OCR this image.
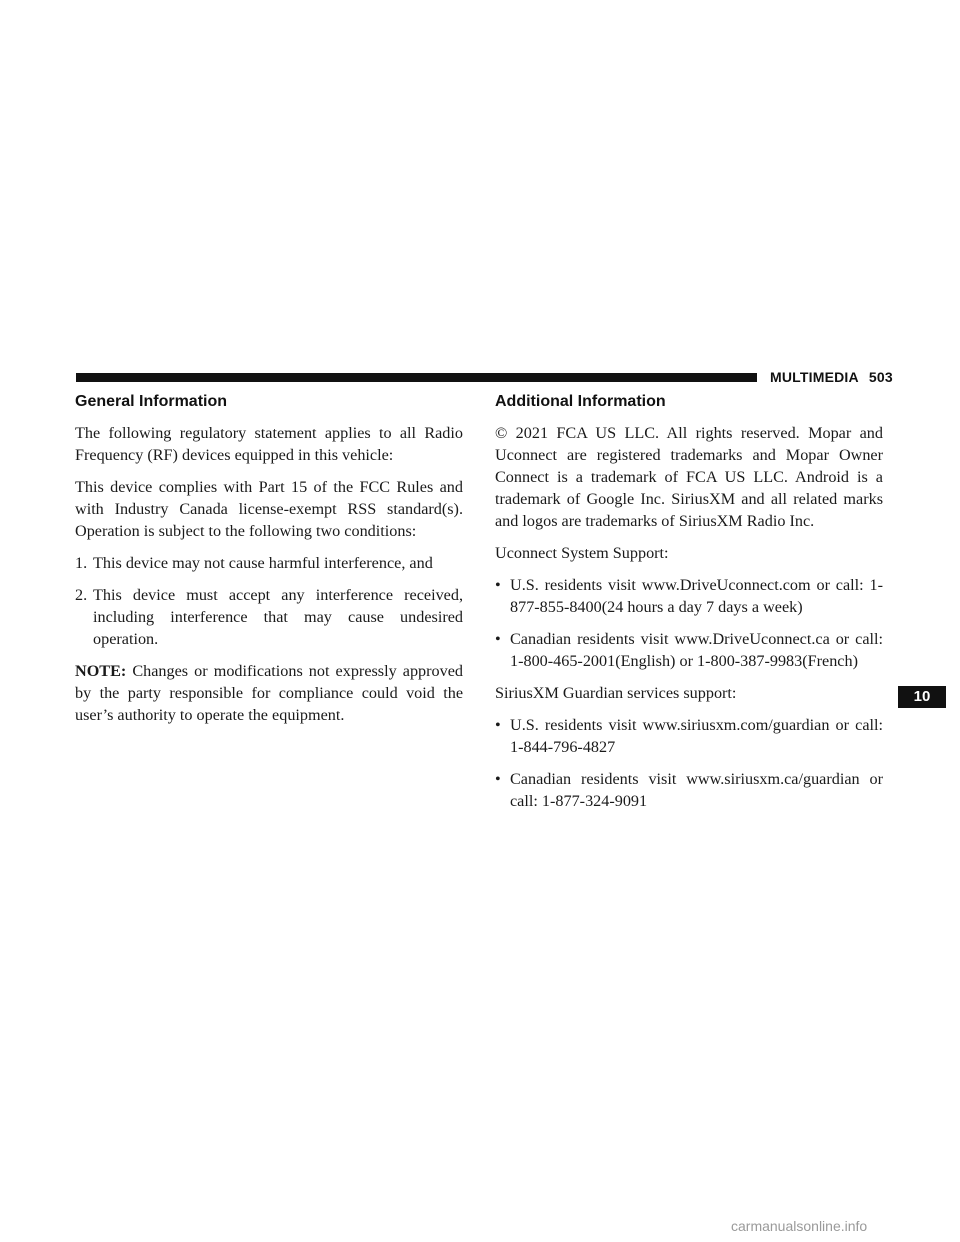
MULTIMEDIA 503
General Information

The following regulatory statement applies to all Radio Frequency (RF) devices equipped in this vehicle:

This device complies with Part 15 of the FCC Rules and with Industry Canada license-exempt RSS standard(s). Operation is subject to the following two conditions:

1. This device may not cause harmful interference, and
2. This device must accept any interference received, including interference that may cause undesired operation.

NOTE: Changes or modifications not expressly approved by the party responsible for compliance could void the user’s authority to operate the equipment.

Additional Information

© 2021 FCA US LLC. All rights reserved. Mopar and Uconnect are registered trademarks and Mopar Owner Connect is a trademark of FCA US LLC. Android is a trademark of Google Inc. SiriusXM and all related marks and logos are trademarks of SiriusXM Radio Inc.

Uconnect System Support:

• U.S. residents visit www.DriveUconnect.com or call: 1-877-855-8400(24 hours a day 7 days a week)
• Canadian residents visit www.DriveUconnect.ca or call: 1-800-465-2001(English) or 1-800-387-9983(French)

SiriusXM Guardian services support:

• U.S. residents visit www.siriusxm.com/guardian or call: 1-844-796-4827
• Canadian residents visit www.siriusxm.ca/guardian or call: 1-877-324-9091
10
carmanualsonline.info
